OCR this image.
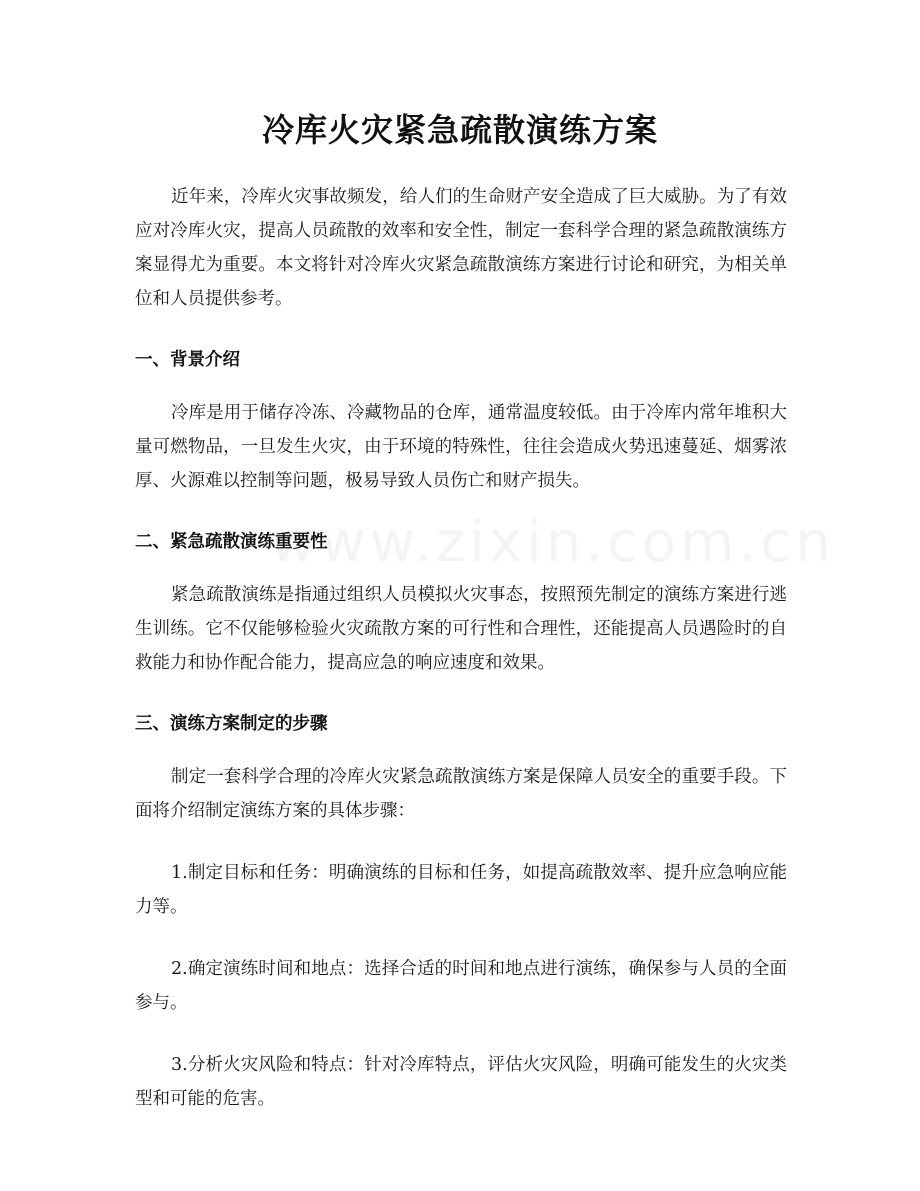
www.zixin.com.cn
冷库火灾紧急疏散演练方案

近年来，冷库火灾事故频发，给人们的生命财产安全造成了巨大威胁。为了有效应对冷库火灾，提高人员疏散的效率和安全性，制定一套科学合理的紧急疏散演练方案显得尤为重要。本文将针对冷库火灾紧急疏散演练方案进行讨论和研究，为相关单位和人员提供参考。

一、背景介绍

冷库是用于储存冷冻、冷藏物品的仓库，通常温度较低。由于冷库内常年堆积大量可燃物品，一旦发生火灾，由于环境的特殊性，往往会造成火势迅速蔓延、烟雾浓厚、火源难以控制等问题，极易导致人员伤亡和财产损失。

二、紧急疏散演练重要性

紧急疏散演练是指通过组织人员模拟火灾事态，按照预先制定的演练方案进行逃生训练。它不仅能够检验火灾疏散方案的可行性和合理性，还能提高人员遇险时的自救能力和协作配合能力，提高应急的响应速度和效果。

三、演练方案制定的步骤

制定一套科学合理的冷库火灾紧急疏散演练方案是保障人员安全的重要手段。下面将介绍制定演练方案的具体步骤：

1.制定目标和任务：明确演练的目标和任务，如提高疏散效率、提升应急响应能力等。

2.确定演练时间和地点：选择合适的时间和地点进行演练，确保参与人员的全面参与。

3.分析火灾风险和特点：针对冷库特点，评估火灾风险，明确可能发生的火灾类型和可能的危害。
